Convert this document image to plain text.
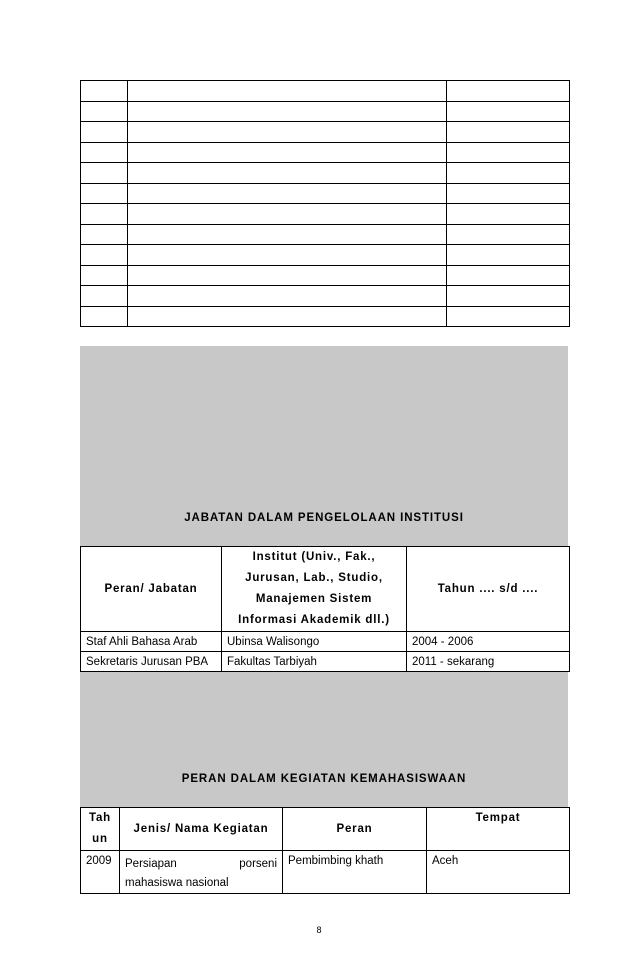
JABATAN DALAM PENGELOLAAN INSTITUSI
Peran/ Jabatan	Institut (Univ., Fak., Jurusan, Lab., Studio, Manajemen Sistem Informasi Akademik dll.)	Tahun .... s/d ....
Staf Ahli Bahasa Arab	Ubinsa Walisongo	2004 - 2006
Sekretaris Jurusan PBA	Fakultas Tarbiyah	2011 - sekarang
PERAN DALAM KEGIATAN KEMAHASISWAAN
Tahun	Jenis/ Nama Kegiatan	Peran	Tempat
2009	Persiapan porseni mahasiswa nasional	Pembimbing khath	Aceh
8
